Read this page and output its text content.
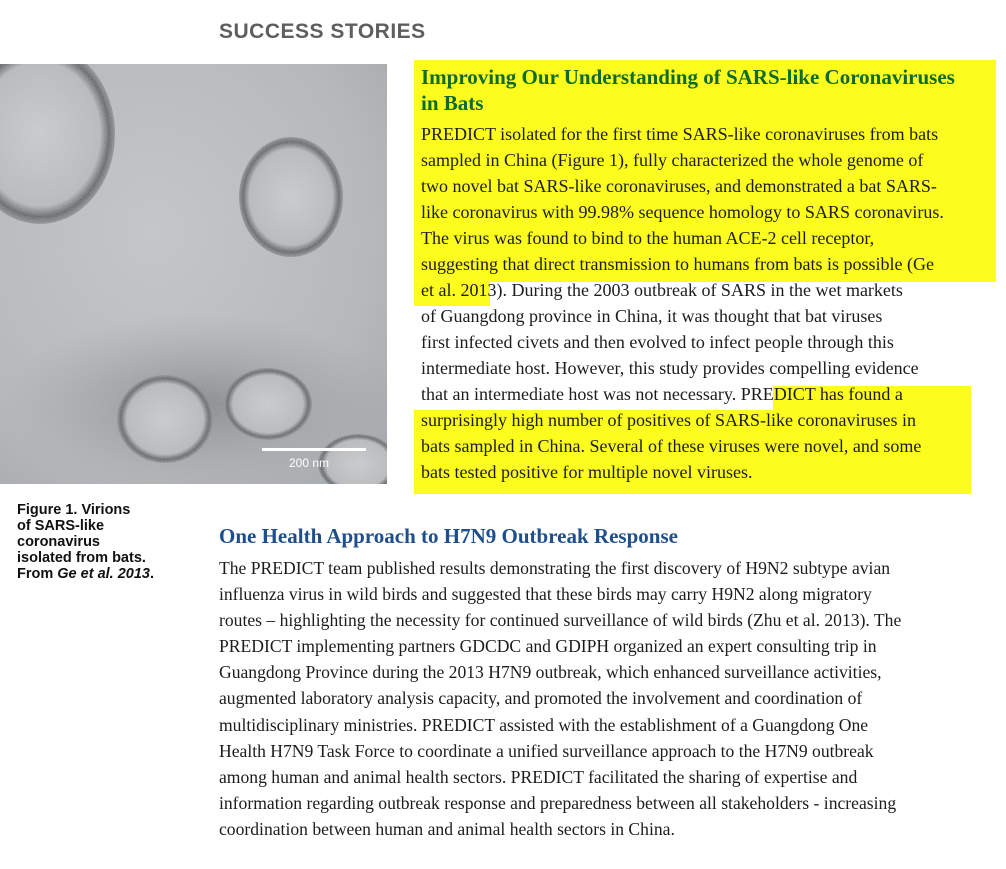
SUCCESS STORIES
200 nm
Figure 1. Virions
of SARS-like
coronavirus
isolated from bats.
From Ge et al. 2013.
Improving Our Understanding of SARS-like Coronaviruses
in Bats
PREDICT isolated for the first time SARS-like coronaviruses from bats
sampled in China (Figure 1), fully characterized the whole genome of
two novel bat SARS-like coronaviruses, and demonstrated a bat SARS-
like coronavirus with 99.98% sequence homology to SARS coronavirus.
The virus was found to bind to the human ACE-2 cell receptor,
suggesting that direct transmission to humans from bats is possible (Ge
et al. 2013). During the 2003 outbreak of SARS in the wet markets
of Guangdong province in China, it was thought that bat viruses
first infected civets and then evolved to infect people through this
intermediate host. However, this study provides compelling evidence
that an intermediate host was not necessary. PREDICT has found a
surprisingly high number of positives of SARS-like coronaviruses in
bats sampled in China. Several of these viruses were novel, and some
bats tested positive for multiple novel viruses.
One Health Approach to H7N9 Outbreak Response
The PREDICT team published results demonstrating the first discovery of H9N2 subtype avian
influenza virus in wild birds and suggested that these birds may carry H9N2 along migratory
routes – highlighting the necessity for continued surveillance of wild birds (Zhu et al. 2013). The
PREDICT implementing partners GDCDC and GDIPH organized an expert consulting trip in
Guangdong Province during the 2013 H7N9 outbreak, which enhanced surveillance activities,
augmented laboratory analysis capacity, and promoted the involvement and coordination of
multidisciplinary ministries. PREDICT assisted with the establishment of a Guangdong One
Health H7N9 Task Force to coordinate a unified surveillance approach to the H7N9 outbreak
among human and animal health sectors. PREDICT facilitated the sharing of expertise and
information regarding outbreak response and preparedness between all stakeholders - increasing
coordination between human and animal health sectors in China.
